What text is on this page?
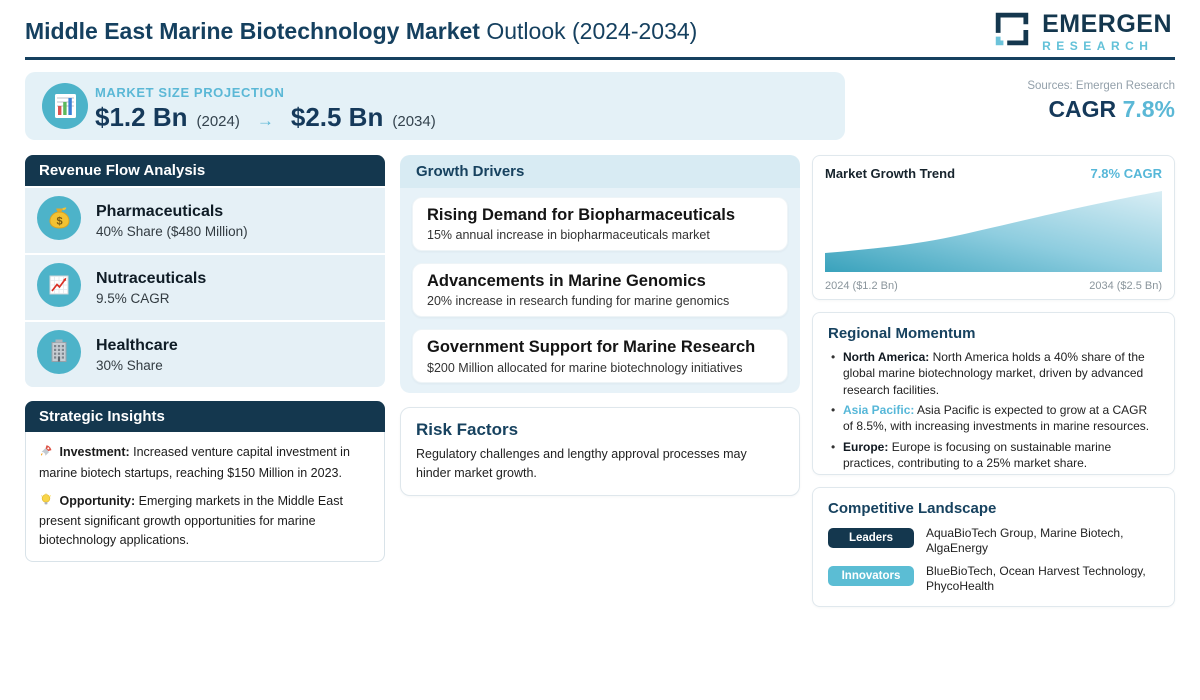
Middle East Marine Biotechnology Market Outlook (2024-2034)	EMERGEN
RESEARCH
MARKET SIZE PROJECTION
$1.2 Bn (2024)	→ $2.5 Bn (2034)
Sources: Emergen Research
CAGR 7.8%
Revenue Flow Analysis
$
Pharmaceuticals
40% Share ($480 Million)
Nutraceuticals
9.5% CAGR
Healthcare
30% Share
Strategic Insights

Investment: Increased venture capital investment in marine biotech startups, reaching $150 Million in 2023.

Opportunity: Emerging markets in the Middle East present significant growth opportunities for marine biotechnology applications.

Growth Drivers
Rising Demand for Biopharmaceuticals
15% annual increase in biopharmaceuticals market
Advancements in Marine Genomics
20% increase in research funding for marine genomics
Government Support for Marine Research
$200 Million allocated for marine biotechnology initiatives
Risk Factors
Regulatory challenges and lengthy approval processes may hinder market growth.
Market Growth Trend	7.8% CAGR
2024 ($1.2 Bn)	2034 ($2.5 Bn)
Regional Momentum
• North America: North America holds a 40% share of the global marine biotechnology market, driven by advanced research facilities.
• Asia Pacific: Asia Pacific is expected to grow at a CAGR of 8.5%, with increasing investments in marine resources.
• Europe: Europe is focusing on sustainable marine practices, contributing to a 25% market share.
Competitive Landscape
Leaders	AquaBioTech Group, Marine Biotech, AlgaEnergy
Innovators	BlueBioTech, Ocean Harvest Technology, PhycoHealth
